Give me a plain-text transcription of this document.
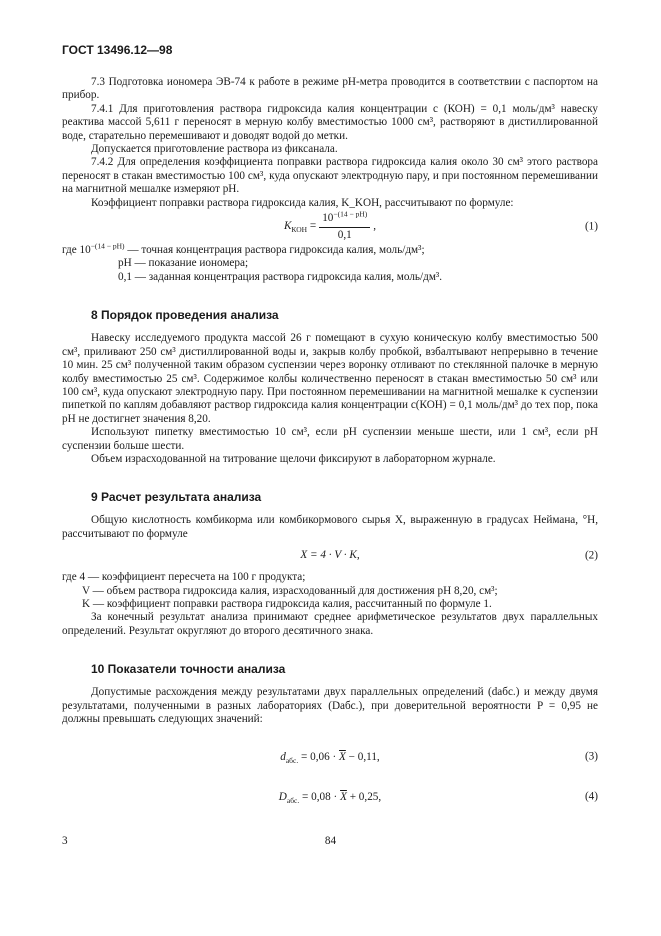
ГОСТ 13496.12—98

7.3 Подготовка иономера ЭВ-74 к работе в режиме рН-метра проводится в соответствии с паспортом на прибор.

7.4.1 Для приготовления раствора гидроксида калия концентрации c (КОН) = 0,1 моль/дм³ навеску реактива массой 5,611 г переносят в мерную колбу вместимостью 1000 см³, растворяют в дистиллированной воде, старательно перемешивают и доводят водой до метки.

Допускается приготовление раствора из фиксанала.

7.4.2 Для определения коэффициента поправки раствора гидроксида калия около 30 см³ этого раствора переносят в стакан вместимостью 100 см³, куда опускают электродную пару, и при постоянном перемешивании на магнитной мешалке измеряют рН.

Коэффициент поправки раствора гидроксида калия, K_KOH, рассчитывают по формуле:

$K_{КОН} = \frac{10^{-(14 - pH)}}{0,1}$ ,	(1)

где $10^{-(14 - pH)}$ — точная концентрация раствора гидроксида калия, моль/дм³;

рН — показание иономера;

0,1 — заданная концентрация раствора гидроксида калия, моль/дм³.

8 Порядок проведения анализа

Навеску исследуемого продукта массой 26 г помещают в сухую коническую колбу вместимостью 500 см³, приливают 250 см³ дистиллированной воды и, закрыв колбу пробкой, взбалтывают непрерывно в течение 10 мин. 25 см³ полученной таким образом суспензии через воронку отливают по стеклянной палочке в мерную колбу вместимостью 25 см³. Содержимое колбы количественно переносят в стакан вместимостью 50 см³ или 100 см³, куда опускают электродную пару. При постоянном перемешивании на магнитной мешалке к суспензии пипеткой по каплям добавляют раствор гидроксида калия концентрации c(КОН) = 0,1 моль/дм³ до тех пор, пока рН не достигнет значения 8,20.

Используют пипетку вместимостью 10 см³, если рН суспензии меньше шести, или 1 см³, если рН суспензии больше шести.

Объем израсходованной на титрование щелочи фиксируют в лабораторном журнале.

9 Расчет результата анализа

Общую кислотность комбикорма или комбикормового сырья X, выраженную в градусах Неймана, °Н, рассчитывают по формуле

X = 4 · V · K,	(2)

где 4 — коэффициент пересчета на 100 г продукта;

V — объем раствора гидроксида калия, израсходованный для достижения рН 8,20, см³;

K — коэффициент поправки раствора гидроксида калия, рассчитанный по формуле 1.

За конечный результат анализа принимают среднее арифметическое результатов двух параллельных определений. Результат округляют до второго десятичного знака.

10 Показатели точности анализа

Допустимые расхождения между результатами двух параллельных определений (dабс.) и между двумя результатами, полученными в разных лабораториях (Dабс.), при доверительной вероятности P = 0,95 не должны превышать следующих значений:

$d_{абс.} = 0,06 \cdot \overline{X} - 0,11$,	(3)
$D_{абс.} = 0,08 \cdot \overline{X} + 0,25$,	(4)
3	84
